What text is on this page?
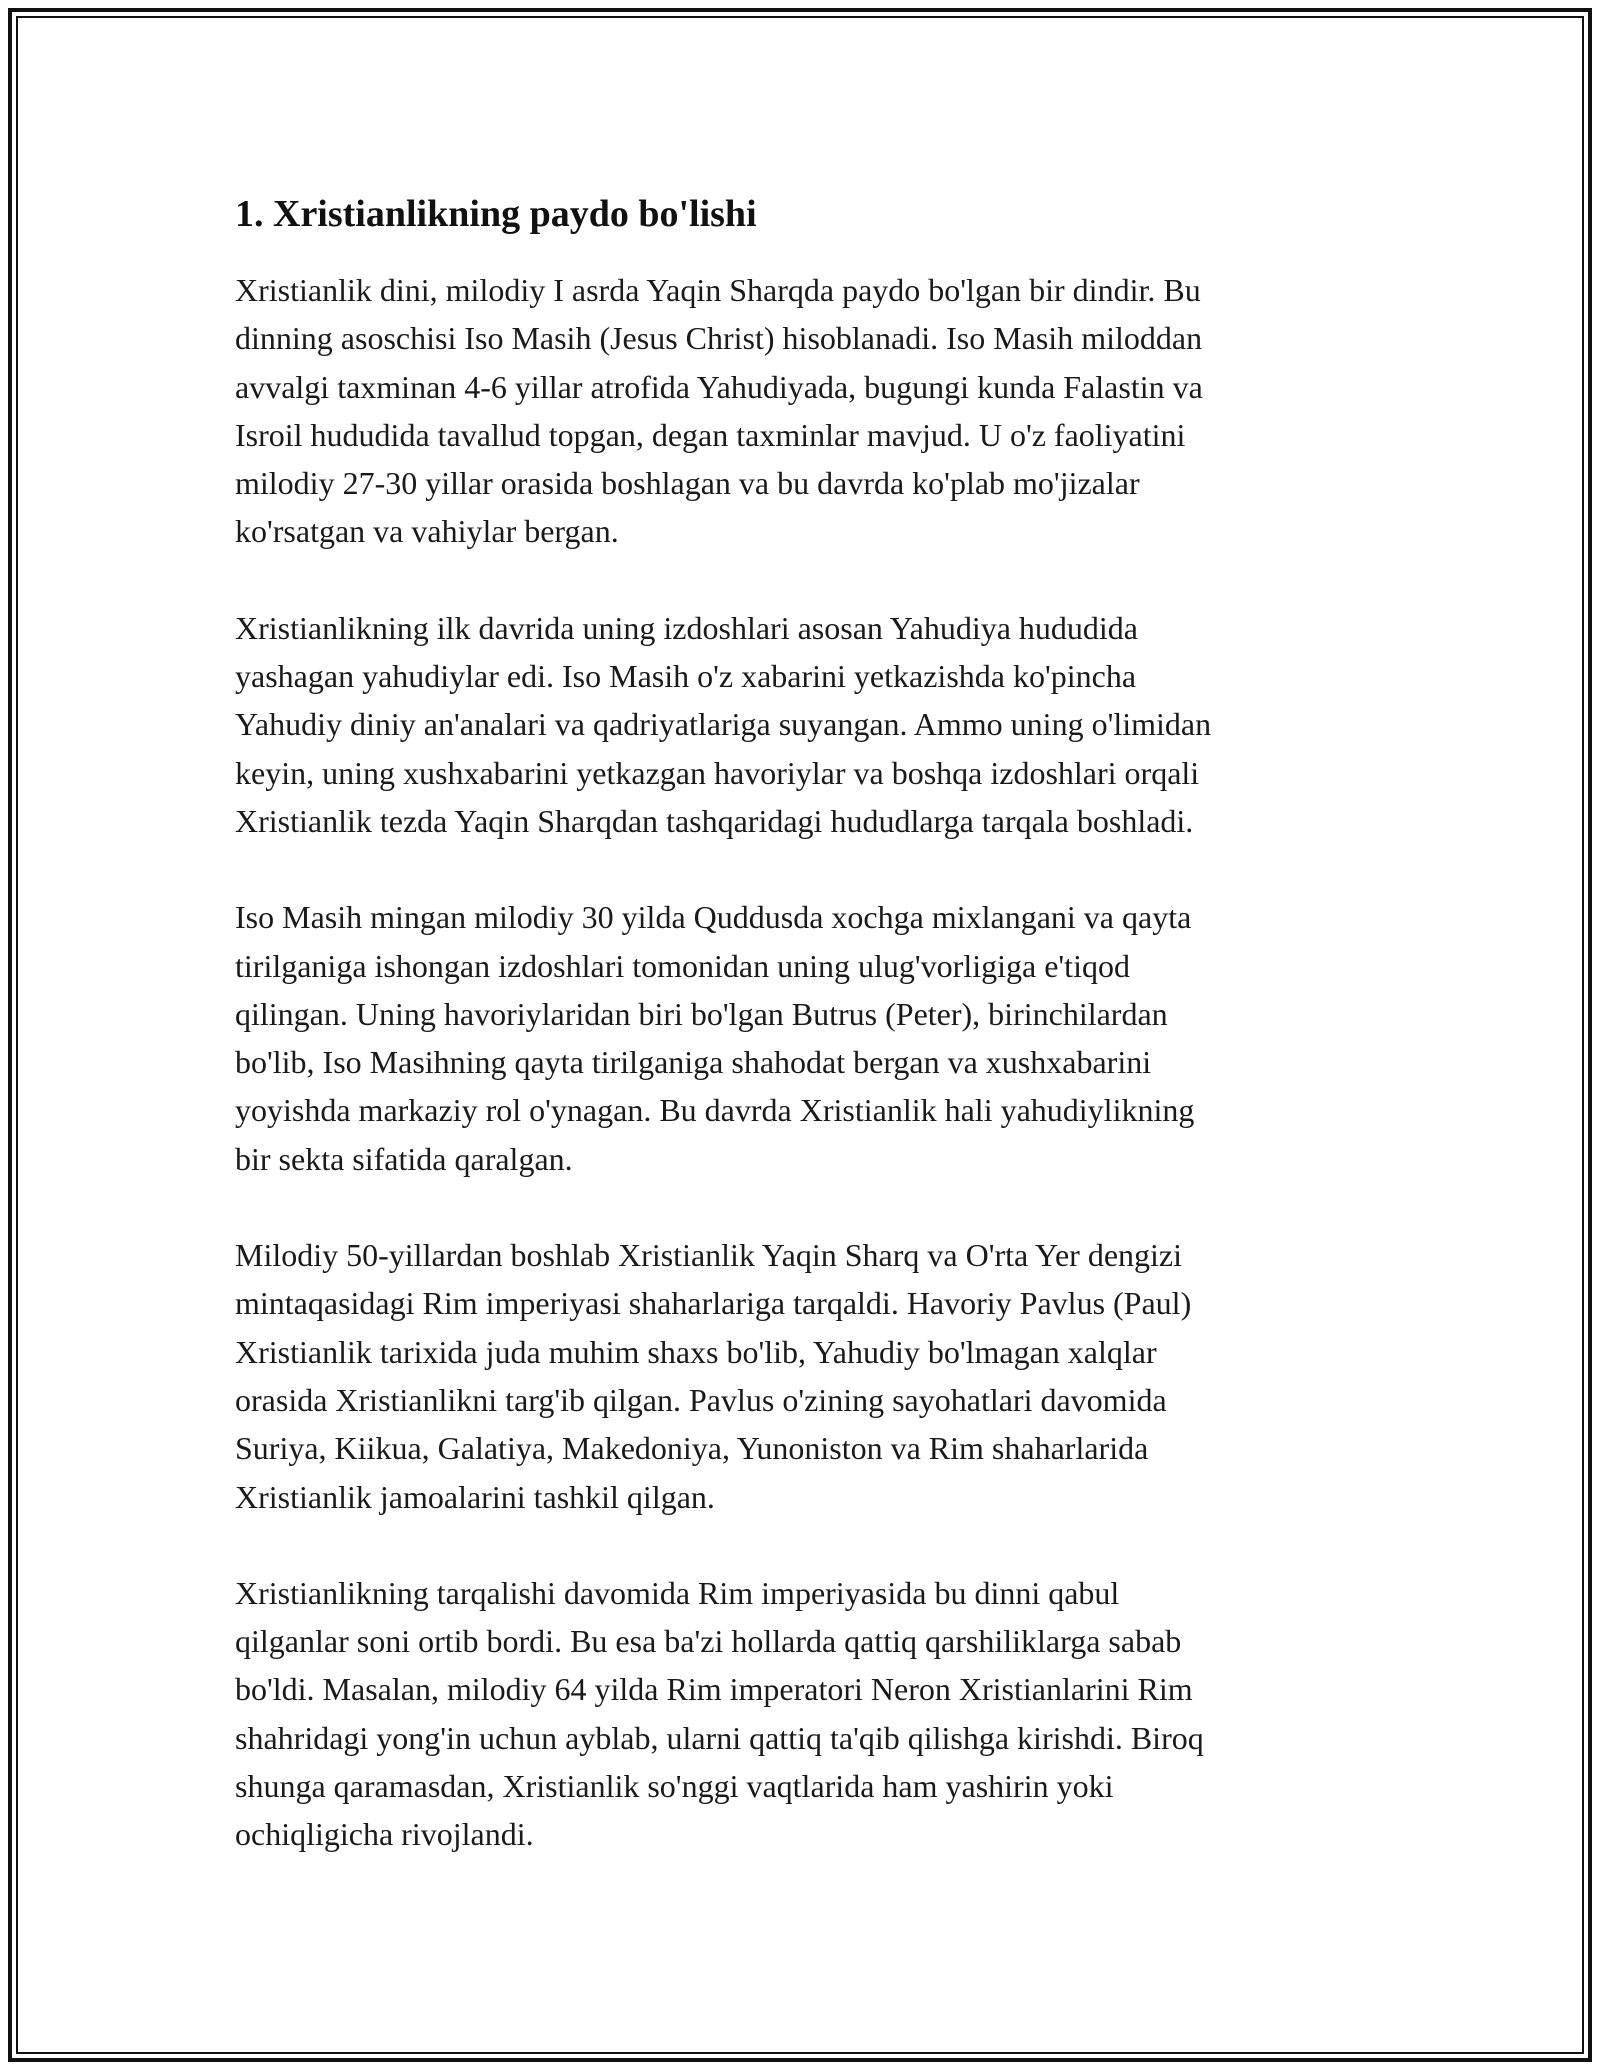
1. Xristianlikning paydo bo'lishi

Xristianlik dini, milodiy I asrda Yaqin Sharqda paydo bo'lgan bir dindir. Bu
dinning asoschisi Iso Masih (Jesus Christ) hisoblanadi. Iso Masih miloddan
avvalgi taxminan 4-6 yillar atrofida Yahudiyada, bugungi kunda Falastin va
Isroil hududida tavallud topgan, degan taxminlar mavjud. U o'z faoliyatini
milodiy 27-30 yillar orasida boshlagan va bu davrda ko'plab mo'jizalar
ko'rsatgan va vahiylar bergan.

Xristianlikning ilk davrida uning izdoshlari asosan Yahudiya hududida
yashagan yahudiylar edi. Iso Masih o'z xabarini yetkazishda ko'pincha
Yahudiy diniy an'analari va qadriyatlariga suyangan. Ammo uning o'limidan
keyin, uning xushxabarini yetkazgan havoriylar va boshqa izdoshlari orqali
Xristianlik tezda Yaqin Sharqdan tashqaridagi hududlarga tarqala boshladi.

Iso Masih mingan milodiy 30 yilda Quddusda xochga mixlangani va qayta
tirilganiga ishongan izdoshlari tomonidan uning ulug'vorligiga e'tiqod
qilingan. Uning havoriylaridan biri bo'lgan Butrus (Peter), birinchilardan
bo'lib, Iso Masihning qayta tirilganiga shahodat bergan va xushxabarini
yoyishda markaziy rol o'ynagan. Bu davrda Xristianlik hali yahudiylikning
bir sekta sifatida qaralgan.

Milodiy 50-yillardan boshlab Xristianlik Yaqin Sharq va O'rta Yer dengizi
mintaqasidagi Rim imperiyasi shaharlariga tarqaldi. Havoriy Pavlus (Paul)
Xristianlik tarixida juda muhim shaxs bo'lib, Yahudiy bo'lmagan xalqlar
orasida Xristianlikni targ'ib qilgan. Pavlus o'zining sayohatlari davomida
Suriya, Kiikua, Galatiya, Makedoniya, Yunoniston va Rim shaharlarida
Xristianlik jamoalarini tashkil qilgan.

Xristianlikning tarqalishi davomida Rim imperiyasida bu dinni qabul
qilganlar soni ortib bordi. Bu esa ba'zi hollarda qattiq qarshiliklarga sabab
bo'ldi. Masalan, milodiy 64 yilda Rim imperatori Neron Xristianlarini Rim
shahridagi yong'in uchun ayblab, ularni qattiq ta'qib qilishga kirishdi. Biroq
shunga qaramasdan, Xristianlik so'nggi vaqtlarida ham yashirin yoki
ochiqligicha rivojlandi.
